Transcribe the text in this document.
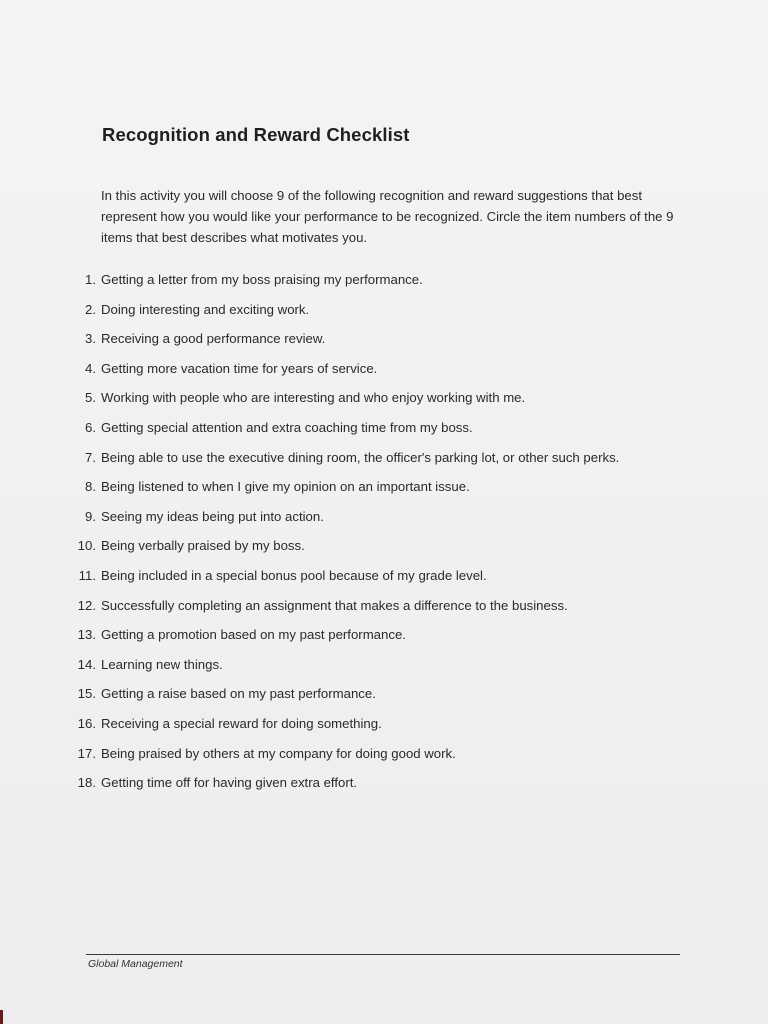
Recognition and Reward Checklist
In this activity you will choose 9 of the following recognition and reward suggestions that best represent how you would like your performance to be recognized. Circle the item numbers of the 9 items that best describes what motivates you.
1. Getting a letter from my boss praising my performance.
2. Doing interesting and exciting work.
3. Receiving a good performance review.
4. Getting more vacation time for years of service.
5. Working with people who are interesting and who enjoy working with me.
6. Getting special attention and extra coaching time from my boss.
7. Being able to use the executive dining room, the officer's parking lot, or other such perks.
8. Being listened to when I give my opinion on an important issue.
9. Seeing my ideas being put into action.
10. Being verbally praised by my boss.
11. Being included in a special bonus pool because of my grade level.
12. Successfully completing an assignment that makes a difference to the business.
13. Getting a promotion based on my past performance.
14. Learning new things.
15. Getting a raise based on my past performance.
16. Receiving a special reward for doing something.
17. Being praised by others at my company for doing good work.
18. Getting time off for having given extra effort.
Global Management
